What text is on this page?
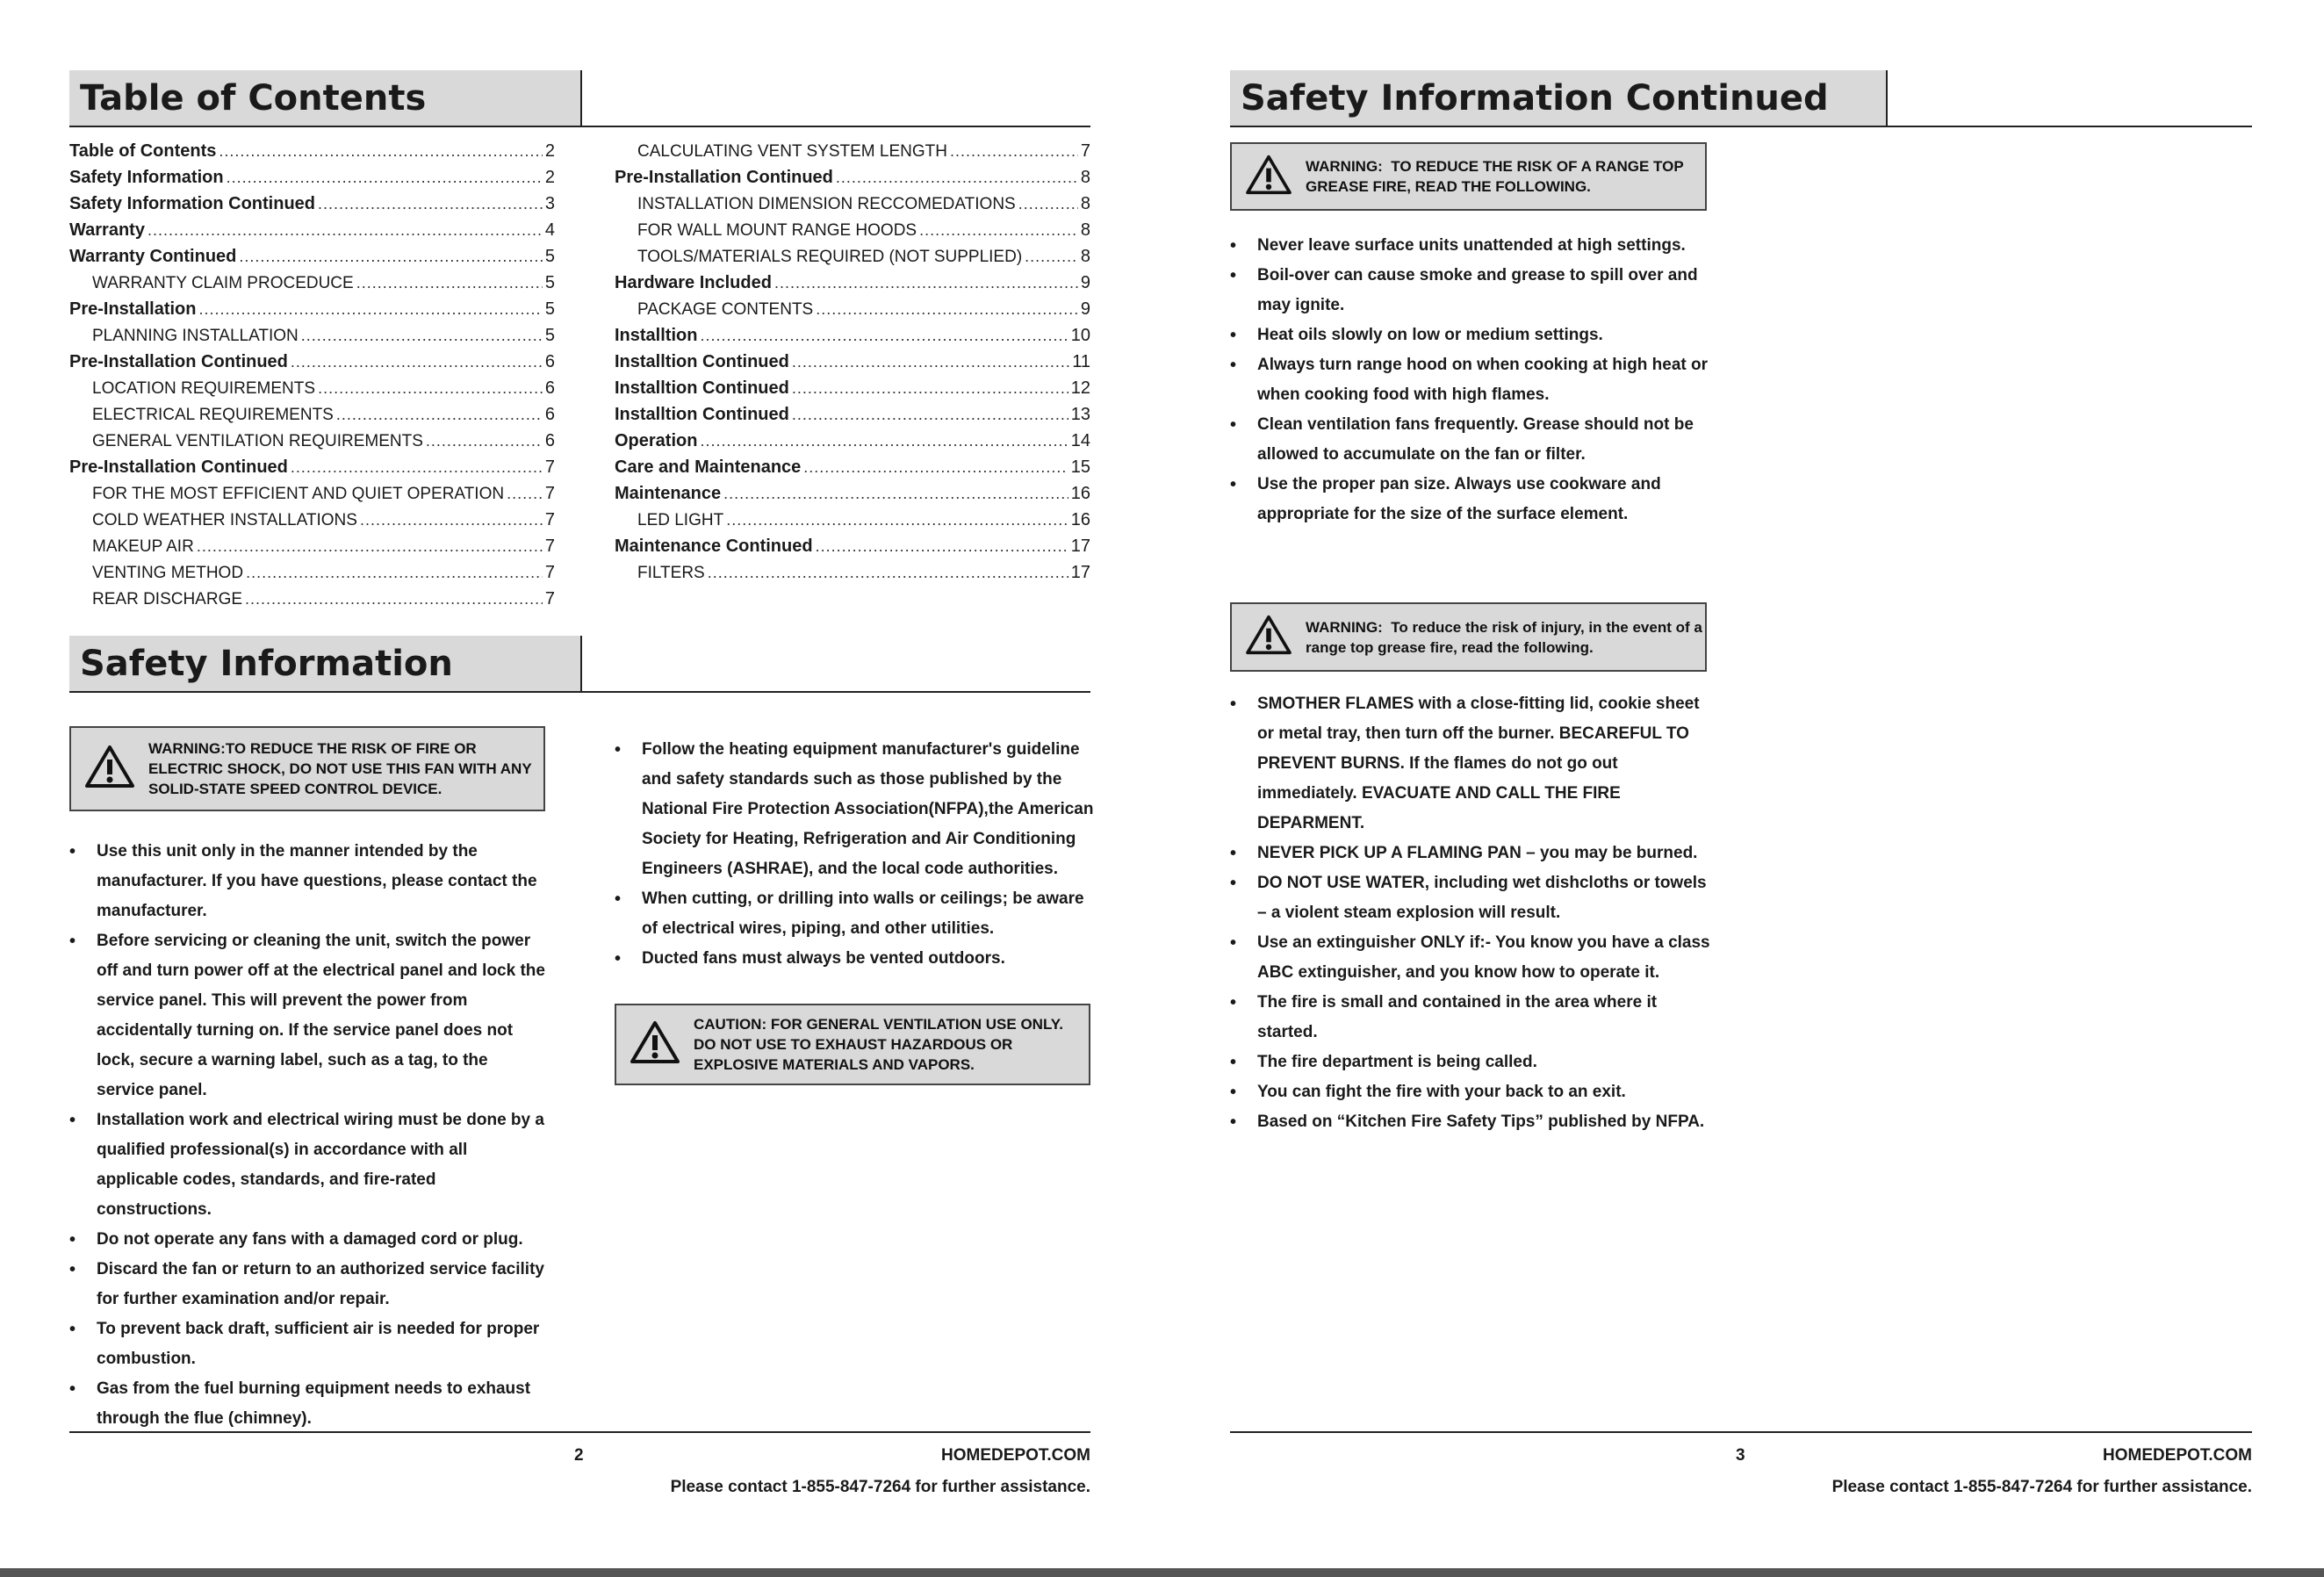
Table of Contents
Table of Contents .....	2
Safety Information .....	2
Safety Information Continued .....	3
Warranty .....	4
Warranty Continued .....	5
WARRANTY CLAIM PROCEDUCE .....	5
Pre-Installation .....	5
PLANNING INSTALLATION .....	5
Pre-Installation Continued .....	6
LOCATION REQUIREMENTS .....	6
ELECTRICAL REQUIREMENTS .....	6
GENERAL VENTILATION REQUIREMENTS .....	6
Pre-Installation Continued .....	7
FOR THE MOST EFFICIENT AND QUIET OPERATION ..... 7
COLD WEATHER INSTALLATIONS .....	7
MAKEUP AIR .....	7
VENTING METHOD .....	7
REAR DISCHARGE .....	7
CALCULATING VENT SYSTEM LENGTH .....	7
Pre-Installation Continued .....	8
INSTALLATION DIMENSION RECCOMEDATIONS .....	8
FOR WALL MOUNT RANGE HOODS .....	8
TOOLS/MATERIALS REQUIRED (NOT SUPPLIED) .....	8
Hardware Included .....	9
PACKAGE CONTENTS .....	9
Installtion .....	10
Installtion Continued .....	11
Installtion Continued .....	12
Installtion Continued .....	13
Operation .....	14
Care and Maintenance .....	15
Maintenance .....	16
LED LIGHT .....	16
Maintenance Continued .....	17
FILTERS .....	17
Safety Information
WARNING:TO REDUCE THE RISK OF FIRE OR ELECTRIC SHOCK, DO NOT USE THIS FAN WITH ANY SOLID-STATE SPEED CONTROL DEVICE.
• Use this unit only in the manner intended by the manufacturer. If you have questions, please contact the manufacturer.
• Before servicing or cleaning the unit, switch the power off and turn power off at the electrical panel and lock the service panel. This will prevent the power from accidentally turning on. If the service panel does not lock, secure a warning label, such as a tag, to the service panel.
• Installation work and electrical wiring must be done by a qualified professional(s) in accordance with all applicable codes, standards, and fire-rated constructions.
• Do not operate any fans with a damaged cord or plug.
• Discard the fan or return to an authorized service facility for further examination and/or repair.
• To prevent back draft, sufficient air is needed for proper combustion.
• Gas from the fuel burning equipment needs to exhaust through the flue (chimney).
• Follow the heating equipment manufacturer's guideline and safety standards such as those published by the National Fire Protection Association(NFPA),the American Society for Heating, Refrigeration and Air Conditioning Engineers (ASHRAE), and the local code authorities.
• When cutting, or drilling into walls or ceilings; be aware of electrical wires, piping, and other utilities.
• Ducted fans must always be vented outdoors.
CAUTION: FOR GENERAL VENTILATION USE ONLY. DO NOT USE TO EXHAUST HAZARDOUS OR EXPLOSIVE MATERIALS AND VAPORS.
2	HOMEDEPOT.COM
Please contact 1-855-847-7264 for further assistance.
Safety Information Continued
WARNING: TO REDUCE THE RISK OF A RANGE TOP GREASE FIRE, READ THE FOLLOWING.
• Never leave surface units unattended at high settings.
• Boil-over can cause smoke and grease to spill over and may ignite.
• Heat oils slowly on low or medium settings.
• Always turn range hood on when cooking at high heat or when cooking food with high flames.
• Clean ventilation fans frequently. Grease should not be allowed to accumulate on the fan or filter.
• Use the proper pan size. Always use cookware and appropriate for the size of the surface element.
WARNING: To reduce the risk of injury, in the event of a range top grease fire, read the following.
• SMOTHER FLAMES with a close-fitting lid, cookie sheet or metal tray, then turn off the burner. BECAREFUL TO PREVENT BURNS. If the flames do not go out immediately. EVACUATE AND CALL THE FIRE DEPARMENT.
• NEVER PICK UP A FLAMING PAN – you may be burned.
• DO NOT USE WATER, including wet dishcloths or towels – a violent steam explosion will result.
• Use an extinguisher ONLY if:- You know you have a class ABC extinguisher, and you know how to operate it.
• The fire is small and contained in the area where it started.
• The fire department is being called.
• You can fight the fire with your back to an exit.
• Based on “Kitchen Fire Safety Tips” published by NFPA.
3	HOMEDEPOT.COM
Please contact 1-855-847-7264 for further assistance.
